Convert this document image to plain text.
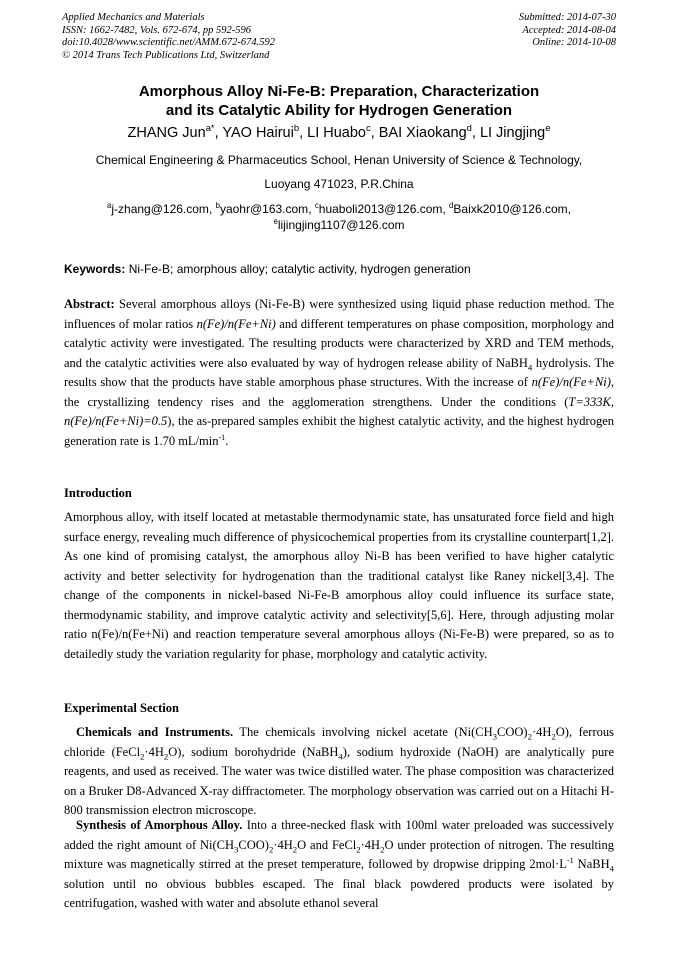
Applied Mechanics and Materials
ISSN: 1662-7482, Vols. 672-674, pp 592-596
doi:10.4028/www.scientific.net/AMM.672-674.592
© 2014 Trans Tech Publications Ltd, Switzerland
Submitted: 2014-07-30
Accepted: 2014-08-04
Online: 2014-10-08
Amorphous Alloy Ni-Fe-B: Preparation, Characterization
and its Catalytic Ability for Hydrogen Generation
ZHANG Jun$^{a*}$, YAO Hairui$^b$, LI Huabo$^c$, BAI Xiaokang$^d$, LI Jingjing$^e$
Chemical Engineering & Pharmaceutics School, Henan University of Science & Technology,
Luoyang 471023, P.R.China
$^a$j-zhang@126.com, $^b$yaohr@163.com, $^c$huaboli2013@126.com, $^d$Baixk2010@126.com,
$^e$lijingjing1107@126.com
Keywords: Ni-Fe-B; amorphous alloy; catalytic activity, hydrogen generation
Abstract: Several amorphous alloys (Ni-Fe-B) were synthesized using liquid phase reduction method. The influences of molar ratios n(Fe)/n(Fe+Ni) and different temperatures on phase composition, morphology and catalytic activity were investigated. The resulting products were characterized by XRD and TEM methods, and the catalytic activities were also evaluated by way of hydrogen release ability of NaBH$_4$ hydrolysis. The results show that the products have stable amorphous phase structures. With the increase of n(Fe)/n(Fe+Ni), the crystallizing tendency rises and the agglomeration strengthens. Under the conditions (T=333K, n(Fe)/n(Fe+Ni)=0.5), the as-prepared samples exhibit the highest catalytic activity, and the highest hydrogen generation rate is 1.70 $mL/\min^{-1}$.
Introduction
Amorphous alloy, with itself located at metastable thermodynamic state, has unsaturated force field and high surface energy, revealing much difference of physicochemical properties from its crystalline counterpart[1,2]. As one kind of promising catalyst, the amorphous alloy Ni-B has been verified to have higher catalytic activity and better selectivity for hydrogenation than the traditional catalyst like Raney nickel[3,4]. The change of the components in nickel-based Ni-Fe-B amorphous alloy could influence its surface state, thermodynamic stability, and improve catalytic activity and selectivity[5,6]. Here, through adjusting molar ratio n(Fe)/n(Fe+Ni) and reaction temperature several amorphous alloys (Ni-Fe-B) were prepared, so as to detailedly study the variation regularity for phase, morphology and catalytic activity.
Experimental Section
Chemicals and Instruments. The chemicals involving nickel acetate $(Ni(CH_3COO)_2\cdot 4H_2O)$, ferrous chloride $(FeCl_2\cdot 4H_2O)$, sodium borohydride (NaBH$_4$), sodium hydroxide (NaOH) are analytically pure reagents, and used as received. The water was twice distilled water. The phase composition was characterized on a Bruker D8-Advanced X-ray diffractometer. The morphology observation was carried out on a Hitachi H-800 transmission electron microscope.
Synthesis of Amorphous Alloy. Into a three-necked flask with 100ml water preloaded was successively added the right amount of $Ni(CH_3COO)_2\cdot 4H_2O$ and $FeCl_2\cdot 4H_2O$ under protection of nitrogen. The resulting mixture was magnetically stirred at the preset temperature, followed by dropwise dripping $2mol\cdot L^{-1}$ NaBH$_4$ solution until no obvious bubbles escaped. The final black powdered products were isolated by centrifugation, washed with water and absolute ethanol several
